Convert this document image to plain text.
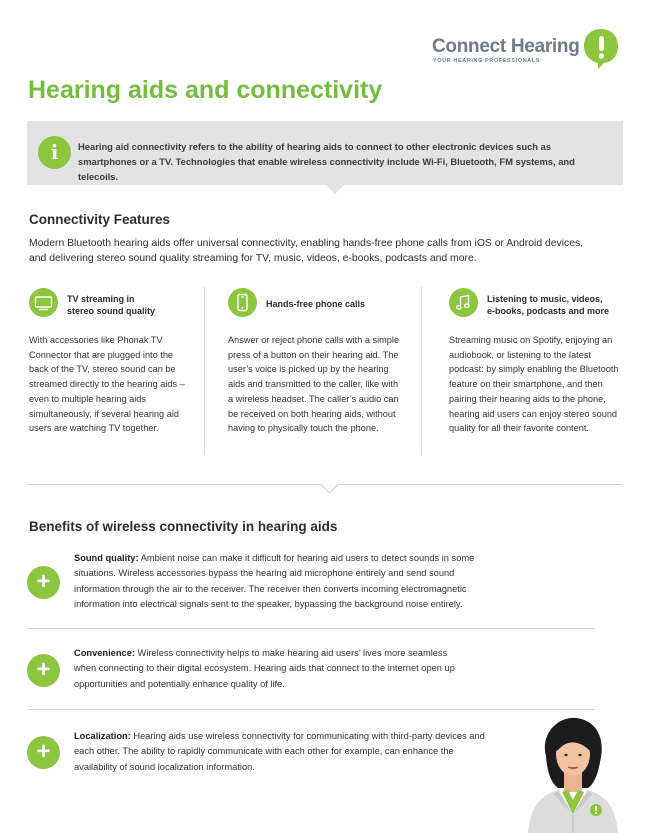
Connect Hearing
YOUR HEARING PROFESSIONALS
Hearing aids and connectivity
i	Hearing aid connectivity refers to the ability of hearing aids to connect to other electronic devices such as smartphones or a TV. Technologies that enable wireless connectivity include Wi-Fi, Bluetooth, FM systems, and telecoils.

Connectivity Features

Modern Bluetooth hearing aids offer universal connectivity, enabling hands-free phone calls from iOS or Android devices, and delivering stereo sound quality streaming for TV, music, videos, e-books, podcasts and more.

TV streaming in
stereo sound quality

With accessories like Phonak TV Connector that are plugged into the back of the TV, stereo sound can be streamed directly to the hearing aids – even to multiple hearing aids simultaneously, if several hearing aid users are watching TV together.

Hands-free phone calls

Answer or reject phone calls with a simple press of a button on their hearing aid. The user’s voice is picked up by the hearing aids and transmitted to the caller, like with a wireless headset. The caller’s audio can be received on both hearing aids, without having to physically touch the phone.

Listening to music, videos,
e-books, podcasts and more

Streaming music on Spotify, enjoying an audiobook, or listening to the latest podcast: by simply enabling the Bluetooth feature on their smartphone, and then pairing their hearing aids to the phone, hearing aid users can enjoy stereo sound quality for all their favorite content.

Benefits of wireless connectivity in hearing aids
+

Sound quality: Ambient noise can make it difficult for hearing aid users to detect sounds in some situations. Wireless accessories bypass the hearing aid microphone entirely and send sound information through the air to the receiver. The receiver then converts incoming electromagnetic information into electrical signals sent to the speaker, bypassing the background noise entirely.

+

Convenience: Wireless connectivity helps to make hearing aid users’ lives more seamless when connecting to their digital ecosystem. Hearing aids that connect to the internet open up opportunities and potentially enhance quality of life.

+

Localization: Hearing aids use wireless connectivity for communicating with third-party devices and each other. The ability to rapidly communicate with each other for example, can enhance the availability of sound localization information.
